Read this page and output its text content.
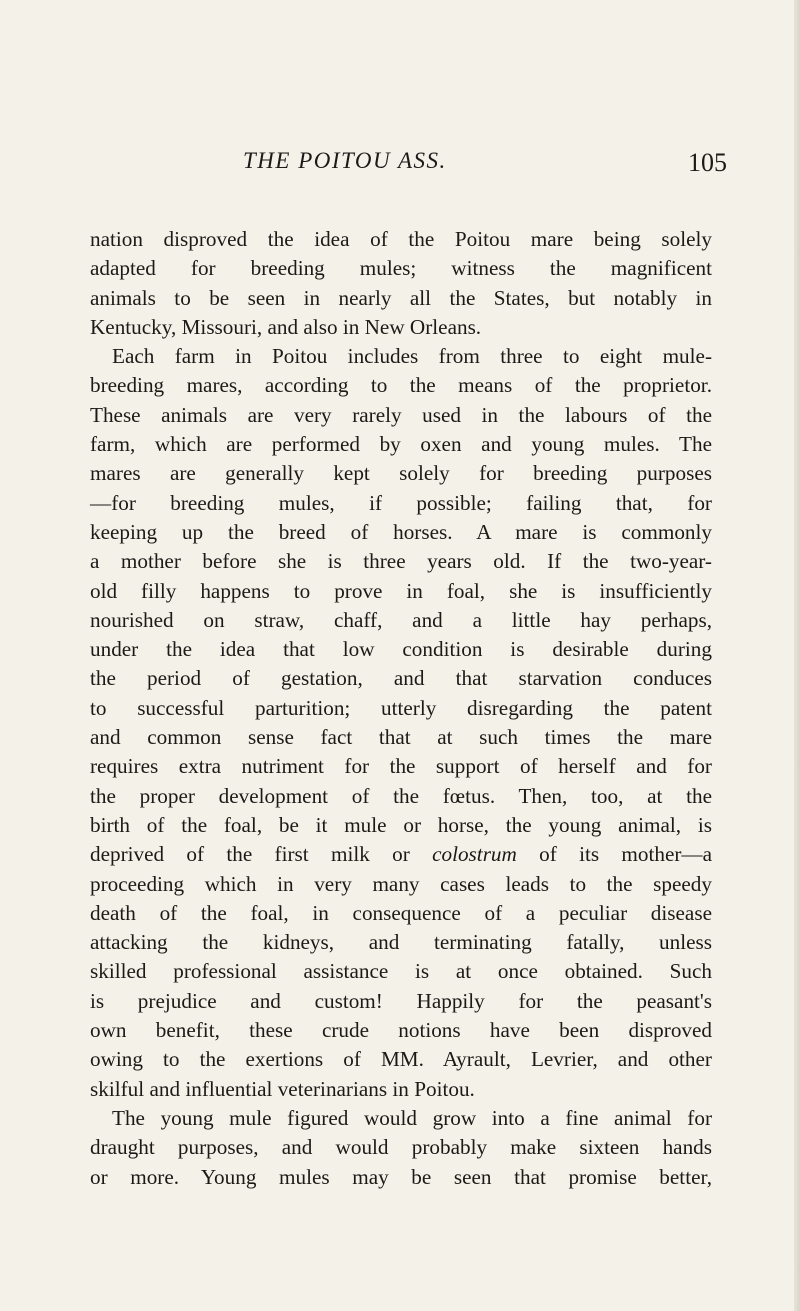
THE POITOU ASS.	105
nation disproved the idea of the Poitou mare being solely
adapted for breeding mules; witness the magnificent
animals to be seen in nearly all the States, but notably in
Kentucky, Missouri, and also in New Orleans.
Each farm in Poitou includes from three to eight mule-
breeding mares, according to the means of the proprietor.
These animals are very rarely used in the labours of the
farm, which are performed by oxen and young mules. The
mares are generally kept solely for breeding purposes
—for breeding mules, if possible; failing that, for
keeping up the breed of horses. A mare is commonly
a mother before she is three years old. If the two-year-
old filly happens to prove in foal, she is insufficiently
nourished on straw, chaff, and a little hay perhaps,
under the idea that low condition is desirable during
the period of gestation, and that starvation conduces
to successful parturition; utterly disregarding the patent
and common sense fact that at such times the mare
requires extra nutriment for the support of herself and for
the proper development of the fœtus. Then, too, at the
birth of the foal, be it mule or horse, the young animal, is
deprived of the first milk or colostrum of its mother—a
proceeding which in very many cases leads to the speedy
death of the foal, in consequence of a peculiar disease
attacking the kidneys, and terminating fatally, unless
skilled professional assistance is at once obtained. Such
is prejudice and custom! Happily for the peasant's
own benefit, these crude notions have been disproved
owing to the exertions of MM. Ayrault, Levrier, and other
skilful and influential veterinarians in Poitou.
The young mule figured would grow into a fine animal for
draught purposes, and would probably make sixteen hands
or more. Young mules may be seen that promise better,
